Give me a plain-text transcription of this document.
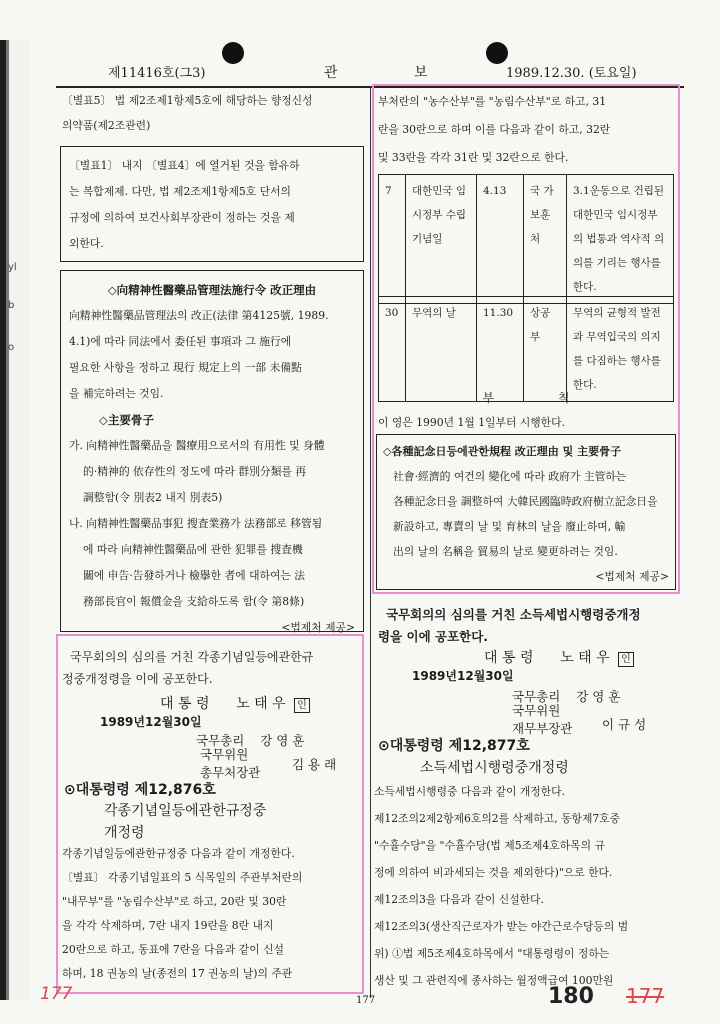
yl
b
o
제11416호(그3)	관	보	1989.12.30. (토요일)
〔별표5〕 법 제2조제1항제5호에 해당하는 향정신성
의약품(제2조관련)
〔별표1〕 내지 〔별표4〕에 열거된 것을 함유하
는 복합제제. 다만, 법 제2조제1항제5호 단서의
규정에 의하여 보건사회부장관이 정하는 것을 제
외한다.
◇向精神性醫藥品管理法施行令 改正理由
向精神性醫藥品管理法의 改正(法律 第4125號, 1989.
4.1)에 따라 同法에서 委任된 事項과 그 施行에
필요한 사항을 정하고 現行 規定上의 一部 未備點
을 補完하려는 것임.
◇主要骨子
가. 向精神性醫藥品을 醫療用으로서의 有用性 및 身體
的·精神的 依存性의 정도에 따라 群別分類를 再
調整함(令 別表2 내지 別表5)
나. 向精神性醫藥品事犯 搜査業務가 法務部로 移管됨
에 따라 向精神性醫藥品에 관한 犯罪를 搜査機
關에 申告·告發하거나 檢擧한 者에 대하여는 法
務部長官이 報償金을 支給하도록 함(令 第8條)
<법제처 제공>
국무회의의 심의를 거친 각종기념일등에관한규
정중개정령을 이에 공포한다.
대 통 령 노 태 우 인
1989년12월30일
국무총리 강 영 훈
국무위원
총무처장관
김 용 래
⊙대통령령 제12,876호
각종기념일등에관한규정중
개정령
각종기념일등에관한규정중 다음과 같이 개정한다.
〔별표〕 각종기념일표의 5 식목일의 주관부처란의
"내무부"를 "농림수산부"로 하고, 20란 및 30란
을 각각 삭제하며, 7란 내지 19란을 8란 내지
20란으로 하고, 동표에 7란을 다음과 같이 신설
하며, 18 권농의 날(종전의 17 권농의 날)의 주관
부처란의 "농수산부"를 "농림수산부"로 하고, 31
란을 30란으로 하며 이를 다음과 같이 하고, 32란
및 33란을 각각 31란 및 32란으로 한다.
7	대한민국 임시정부 수립기념일	4.13	국 가 보훈처	3.1운동으로 건립된 대한민국 임시정부의 법통과 역사적 의의를 기리는 행사를 한다.
30	무역의 날	11.30	상공부	무역의 균형적 발전과 무역입국의 의지를 다짐하는 행사를 한다.
부 칙
이 영은 1990년 1월 1일부터 시행한다.
◇各種記念日등에관한規程 改正理由 및 主要骨子
社會·經濟的 여건의 變化에 따라 政府가 主管하는
各種記念日을 調整하여 大韓民國臨時政府樹立記念日을
新設하고, 專賣의 날 및 育林의 날을 廢止하며, 輸
出의 날의 名稱을 貿易의 날로 變更하려는 것임.
<법제처 제공>
국무회의의 심의를 거친 소득세법시행령중개정
령을 이에 공포한다.
대 통 령 노 태 우 인
1989년12월30일
국무총리 강 영 훈
국무위원
재무부장관 이 규 성
⊙대통령령 제12,877호
소득세법시행령중개정령
소득세법시행령중 다음과 같이 개정한다.
제12조의2제2항제6호의2를 삭제하고, 동항제7호중
"수휼수당"을 "수휼수당(법 제5조제4호하목의 규
정에 의하여 비과세되는 것을 제외한다)"으로 한다.
제12조의3을 다음과 같이 신설한다.
제12조의3(생산직근로자가 받는 야간근로수당등의 범
위) ①법 제5조제4호하목에서 "대통령령이 정하는
생산 및 그 관련직에 종사하는 월정액급여 100만원
177
177	180 177
